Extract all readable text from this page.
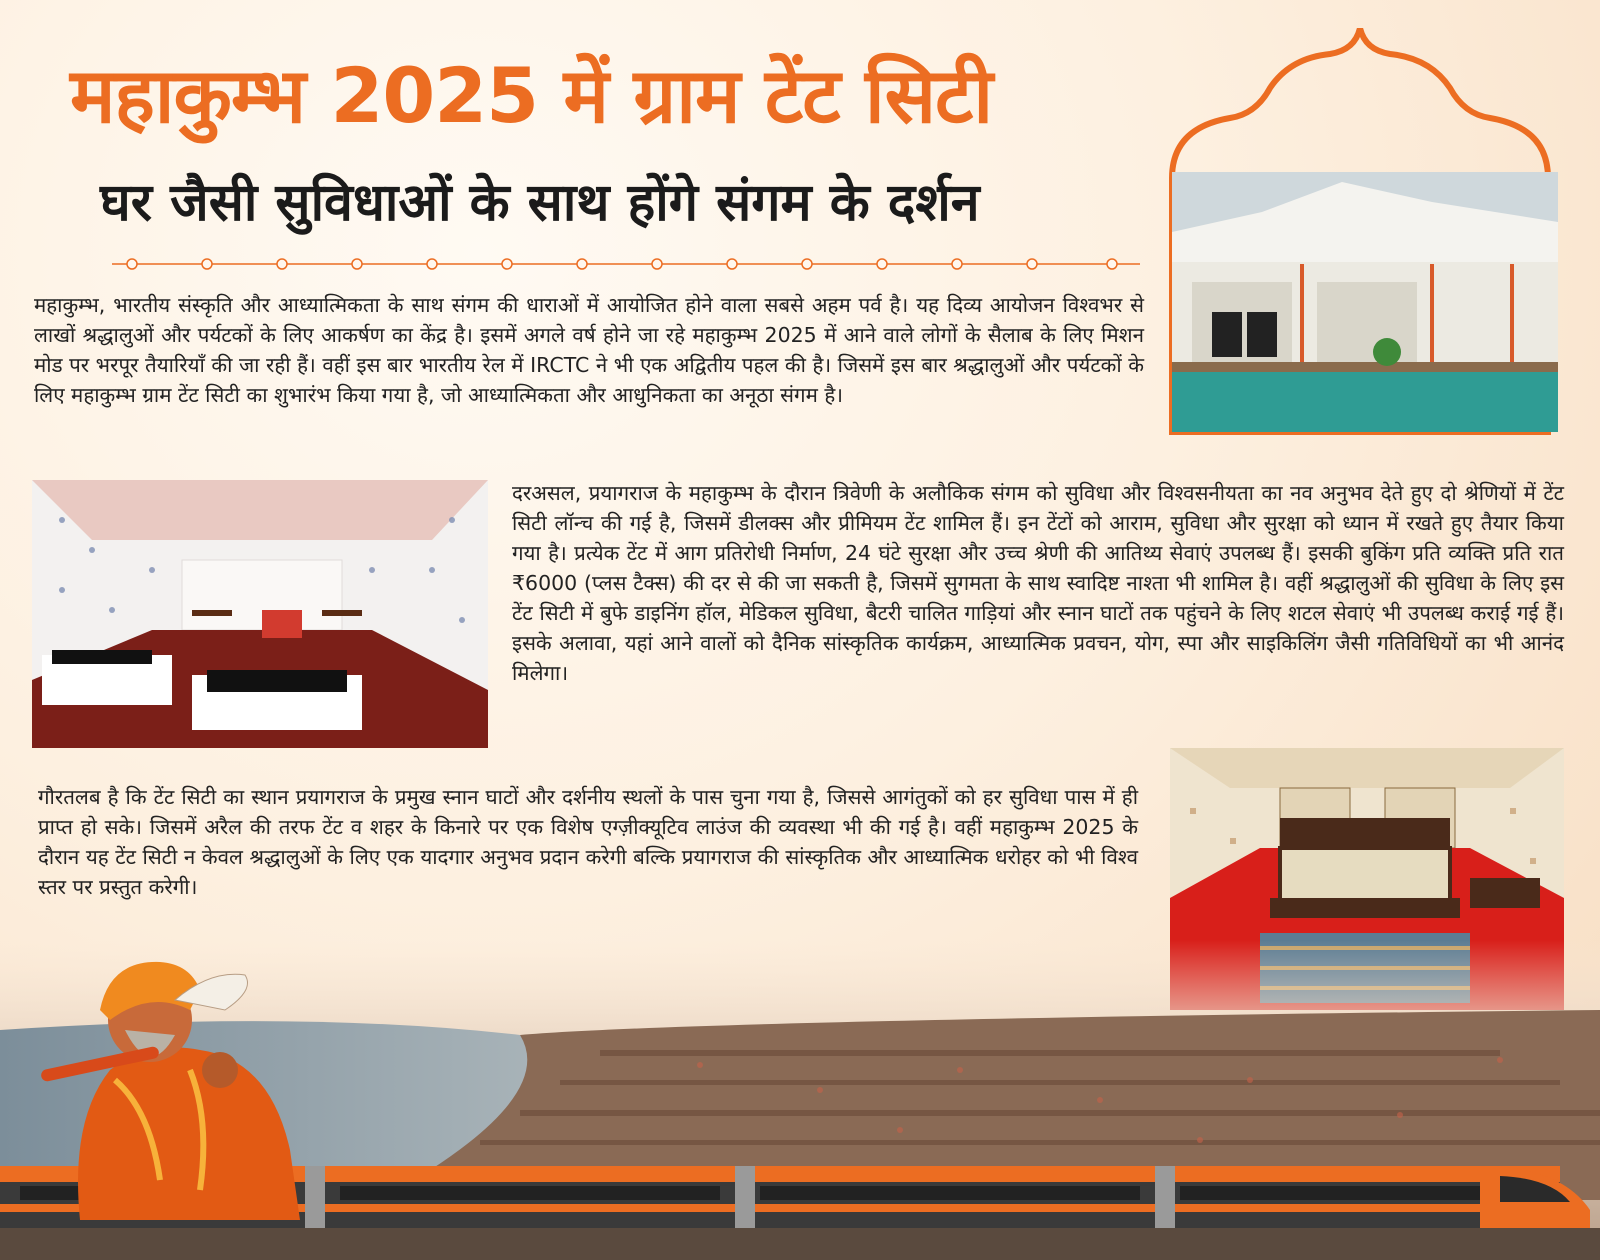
महाकुम्भ 2025 में ग्राम टेंट सिटी
घर जैसी सुविधाओं के साथ होंगे संगम के दर्शन

महाकुम्भ, भारतीय संस्कृति और आध्यात्मिकता के साथ संगम की धाराओं में आयोजित होने वाला सबसे अहम पर्व है। यह दिव्य आयोजन विश्वभर से लाखों श्रद्धालुओं और पर्यटकों के लिए आकर्षण का केंद्र है। इसमें अगले वर्ष होने जा रहे महाकुम्भ 2025 में आने वाले लोगों के सैलाब के लिए मिशन मोड पर भरपूर तैयारियाँ की जा रही हैं। वहीं इस बार भारतीय रेल में IRCTC ने भी एक अद्वितीय पहल की है। जिसमें इस बार श्रद्धालुओं और पर्यटकों के लिए महाकुम्भ ग्राम टेंट सिटी का शुभारंभ किया गया है, जो आध्यात्मिकता और आधुनिकता का अनूठा संगम है।

दरअसल, प्रयागराज के महाकुम्भ के दौरान त्रिवेणी के अलौकिक संगम को सुविधा और विश्वसनीयता का नव अनुभव देते हुए दो श्रेणियों में टेंट सिटी लॉन्च की गई है, जिसमें डीलक्स और प्रीमियम टेंट शामिल हैं। इन टेंटों को आराम, सुविधा और सुरक्षा को ध्यान में रखते हुए तैयार किया गया है। प्रत्येक टेंट में आग प्रतिरोधी निर्माण, 24 घंटे सुरक्षा और उच्च श्रेणी की आतिथ्य सेवाएं उपलब्ध हैं। इसकी बुकिंग प्रति व्यक्ति प्रति रात ₹6000 (प्लस टैक्स) की दर से की जा सकती है, जिसमें सुगमता के साथ स्वादिष्ट नाश्ता भी शामिल है। वहीं श्रद्धालुओं की सुविधा के लिए इस टेंट सिटी में बुफे डाइनिंग हॉल, मेडिकल सुविधा, बैटरी चालित गाड़ियां और स्नान घाटों तक पहुंचने के लिए शटल सेवाएं भी उपलब्ध कराई गई हैं। इसके अलावा, यहां आने वालों को दैनिक सांस्कृतिक कार्यक्रम, आध्यात्मिक प्रवचन, योग, स्पा और साइकिलिंग जैसी गतिविधियों का भी आनंद मिलेगा।

गौरतलब है कि टेंट सिटी का स्थान प्रयागराज के प्रमुख स्नान घाटों और दर्शनीय स्थलों के पास चुना गया है, जिससे आगंतुकों को हर सुविधा पास में ही प्राप्त हो सके। जिसमें अरैल की तरफ टेंट व शहर के किनारे पर एक विशेष एग्ज़ीक्यूटिव लाउंज की व्यवस्था भी की गई है। वहीं महाकुम्भ 2025 के दौरान यह टेंट सिटी न केवल श्रद्धालुओं के लिए एक यादगार अनुभव प्रदान करेगी बल्कि प्रयागराज की सांस्कृतिक और आध्यात्मिक धरोहर को भी विश्व स्तर पर प्रस्तुत करेगी।
